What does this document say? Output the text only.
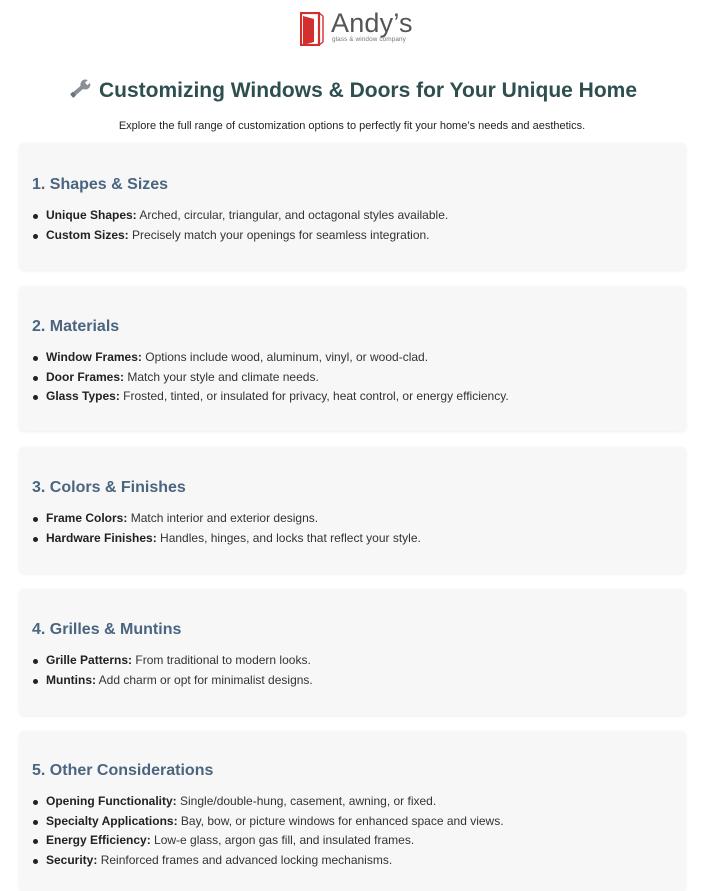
Andy’s
glass & window company
Customizing Windows & Doors for Your Unique Home

Explore the full range of customization options to perfectly fit your home’s needs and aesthetics.

1. Shapes & Sizes
Unique Shapes: Arched, circular, triangular, and octagonal styles available.
Custom Sizes: Precisely match your openings for seamless integration.
2. Materials
Window Frames: Options include wood, aluminum, vinyl, or wood-clad.
Door Frames: Match your style and climate needs.
Glass Types: Frosted, tinted, or insulated for privacy, heat control, or energy efficiency.
3. Colors & Finishes
Frame Colors: Match interior and exterior designs.
Hardware Finishes: Handles, hinges, and locks that reflect your style.
4. Grilles & Muntins
Grille Patterns: From traditional to modern looks.
Muntins: Add charm or opt for minimalist designs.
5. Other Considerations
Opening Functionality: Single/double-hung, casement, awning, or fixed.
Specialty Applications: Bay, bow, or picture windows for enhanced space and views.
Energy Efficiency: Low-e glass, argon gas fill, and insulated frames.
Security: Reinforced frames and advanced locking mechanisms.
